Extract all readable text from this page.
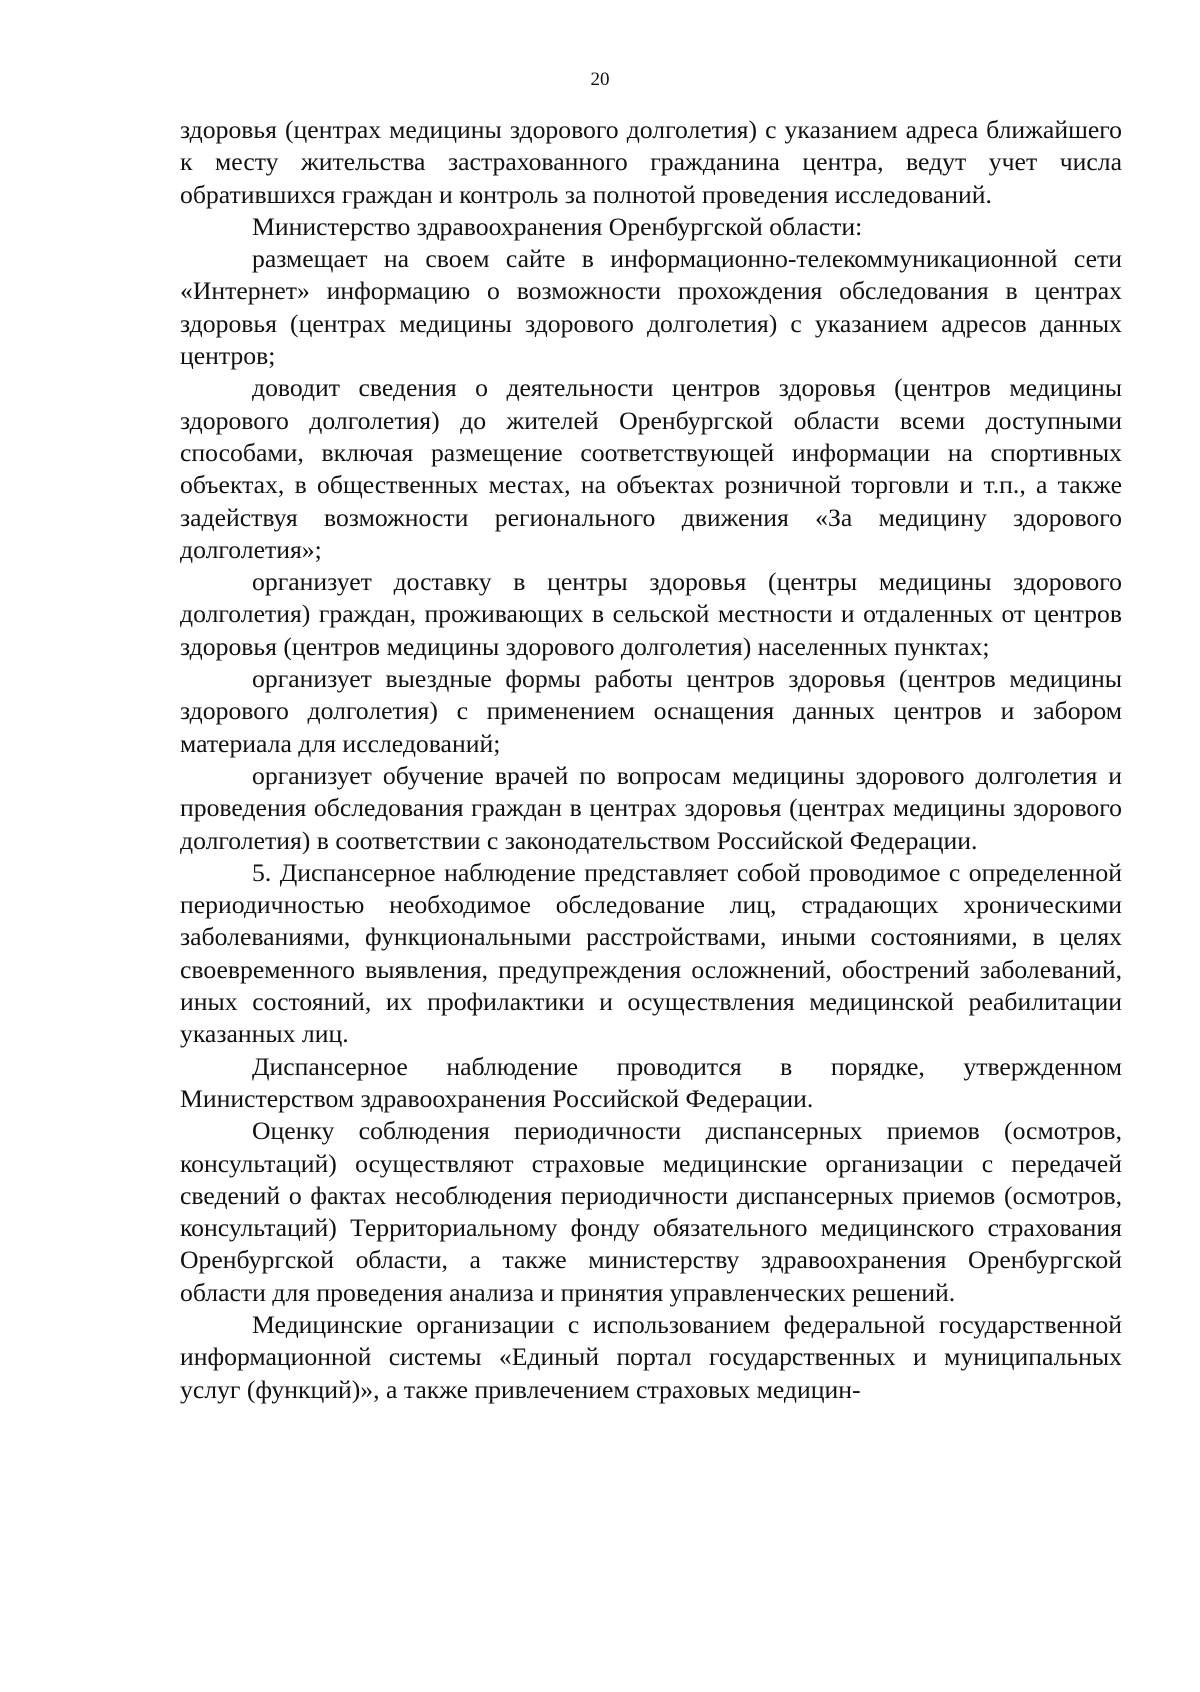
20

здоровья (центрах медицины здорового долголетия) с указанием адреса ближайшего к месту жительства застрахованного гражданина центра, ведут учет числа обратившихся граждан и контроль за полнотой проведения исследований.

Министерство здравоохранения Оренбургской области:

размещает на своем сайте в информационно-телекоммуникационной сети «Интернет» информацию о возможности прохождения обследования в центрах здоровья (центрах медицины здорового долголетия) с указанием адресов данных центров;

доводит сведения о деятельности центров здоровья (центров медицины здорового долголетия) до жителей Оренбургской области всеми доступными способами, включая размещение соответствующей информации на спортивных объектах, в общественных местах, на объектах розничной торговли и т.п., а также задействуя возможности регионального движения «За медицину здорового долголетия»;

организует доставку в центры здоровья (центры медицины здорового долголетия) граждан, проживающих в сельской местности и отдаленных от центров здоровья (центров медицины здорового долголетия) населенных пунктах;

организует выездные формы работы центров здоровья (центров медицины здорового долголетия) с применением оснащения данных центров и забором материала для исследований;

организует обучение врачей по вопросам медицины здорового долголетия и проведения обследования граждан в центрах здоровья (центрах медицины здорового долголетия) в соответствии с законодательством Российской Федерации.

5. Диспансерное наблюдение представляет собой проводимое с определенной периодичностью необходимое обследование лиц, страдающих хроническими заболеваниями, функциональными расстройствами, иными состояниями, в целях своевременного выявления, предупреждения осложнений, обострений заболеваний, иных состояний, их профилактики и осуществления медицинской реабилитации указанных лиц.

Диспансерное наблюдение проводится в порядке, утвержденном Министерством здравоохранения Российской Федерации.

Оценку соблюдения периодичности диспансерных приемов (осмотров, консультаций) осуществляют страховые медицинские организации с передачей сведений о фактах несоблюдения периодичности диспансерных приемов (осмотров, консультаций) Территориальному фонду обязательного медицинского страхования Оренбургской области, а также министерству здравоохранения Оренбургской области для проведения анализа и принятия управленческих решений.

Медицинские организации с использованием федеральной государственной информационной системы «Единый портал государственных и муниципальных услуг (функций)», а также привлечением страховых медицин-
